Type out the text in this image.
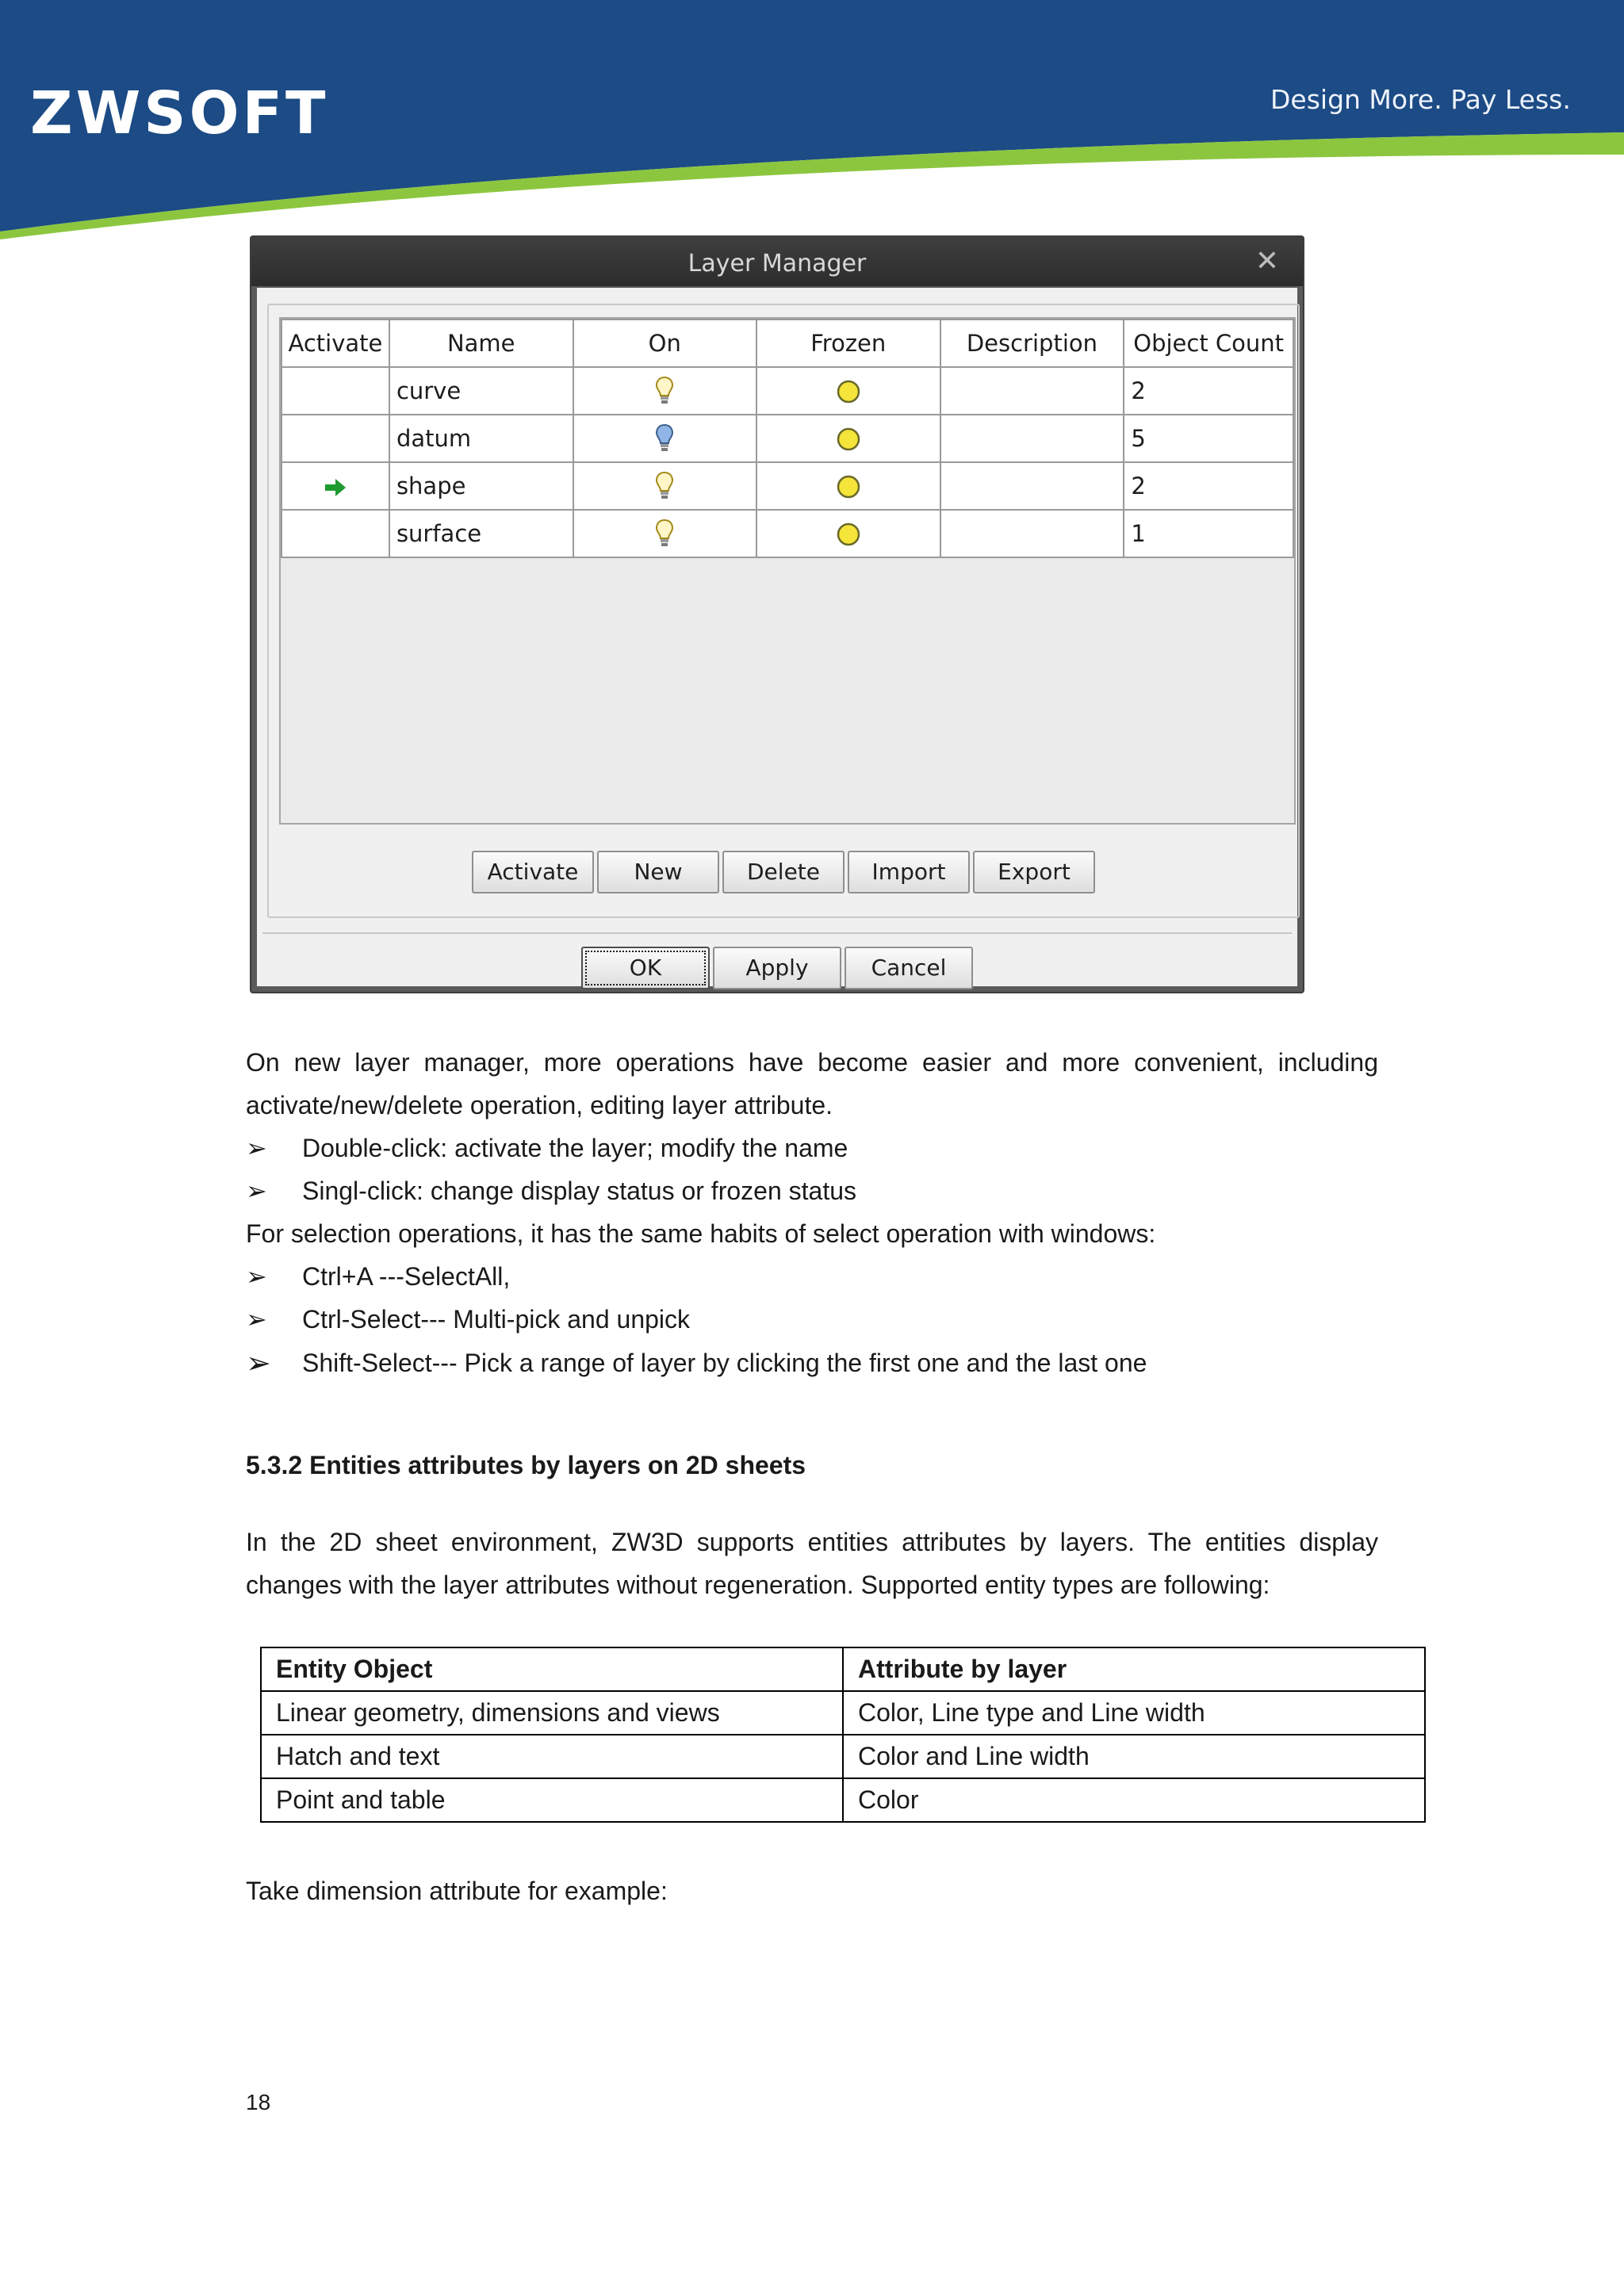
ZWSOFT	Design More. Pay Less.
Layer Manager	✕
Activate	Name	On	Frozen	Description	Object Count
	curve				2
	datum				5
	shape				2
	surface				1
Activate	New	Delete Import Export
OK	Apply	Cancel
On new layer manager, more operations have become easier and more convenient, including
activate/new/delete operation, editing layer attribute.
➢ Double-click: activate the layer; modify the name
➢ Singl-click: change display status or frozen status
For selection operations, it has the same habits of select operation with windows:
➢ Ctrl+A ---SelectAll,
➢ Ctrl-Select--- Multi-pick and unpick
➢ Shift-Select--- Pick a range of layer by clicking the first one and the last one
5.3.2 Entities attributes by layers on 2D sheets
In the 2D sheet environment, ZW3D supports entities attributes by layers. The entities display
changes with the layer attributes without regeneration. Supported entity types are following:
Entity Object	Attribute by layer
Linear geometry, dimensions and views	Color, Line type and Line width
Hatch and text	Color and Line width
Point and table	Color
Take dimension attribute for example:
18
